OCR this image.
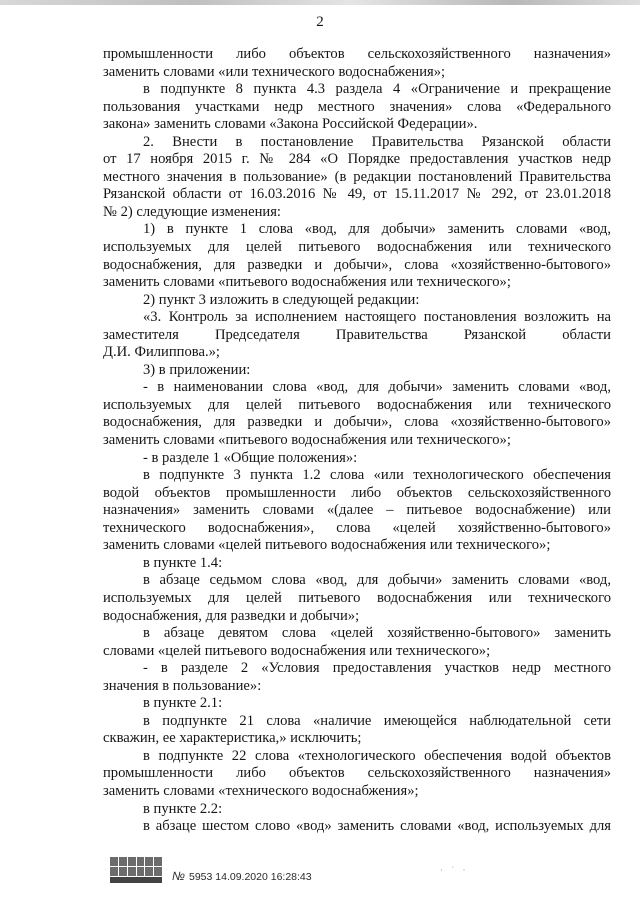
2

промышленности либо объектов сельскохозяйственного назначения»

заменить словами «или технического водоснабжения»;

в подпункте 8 пункта 4.3 раздела 4 «Ограничение и прекращение

пользования участками недр местного значения» слова «Федерального

закона» заменить словами «Закона Российской Федерации».

2. Внести в постановление Правительства Рязанской области

от 17 ноября 2015 г. № 284 «О Порядке предоставления участков недр

местного значения в пользование» (в редакции постановлений Правительства

Рязанской области от 16.03.2016 № 49, от 15.11.2017 № 292, от 23.01.2018

№ 2) следующие изменения:

1) в пункте 1 слова «вод, для добычи» заменить словами «вод,

используемых для целей питьевого водоснабжения или технического

водоснабжения, для разведки и добычи», слова «хозяйственно-бытового»

заменить словами «питьевого водоснабжения или технического»;

2) пункт 3 изложить в следующей редакции:

«3. Контроль за исполнением настоящего постановления возложить на

заместителя Председателя Правительства Рязанской области

Д.И. Филиппова.»;

3) в приложении:

- в наименовании слова «вод, для добычи» заменить словами «вод,

используемых для целей питьевого водоснабжения или технического

водоснабжения, для разведки и добычи», слова «хозяйственно-бытового»

заменить словами «питьевого водоснабжения или технического»;

- в разделе 1 «Общие положения»:

в подпункте 3 пункта 1.2 слова «или технологического обеспечения

водой объектов промышленности либо объектов сельскохозяйственного

назначения» заменить словами «(далее – питьевое водоснабжение) или

технического водоснабжения», слова «целей хозяйственно-бытового»

заменить словами «целей питьевого водоснабжения или технического»;

в пункте 1.4:

в абзаце седьмом слова «вод, для добычи» заменить словами «вод,

используемых для целей питьевого водоснабжения или технического

водоснабжения, для разведки и добычи»;

в абзаце девятом слова «целей хозяйственно-бытового» заменить

словами «целей питьевого водоснабжения или технического»;

- в разделе 2 «Условия предоставления участков недр местного

значения в пользование»:

в пункте 2.1:

в подпункте 21 слова «наличие имеющейся наблюдательной сети

скважин, ее характеристика,» исключить;

в подпункте 22 слова «технологического обеспечения водой объектов

промышленности либо объектов сельскохозяйственного назначения»

заменить словами «технического водоснабжения»;

в пункте 2.2:

в абзаце шестом слово «вод» заменить словами «вод, используемых для

№ 5953 14.09.2020 16:28:43
· ˙ ·
